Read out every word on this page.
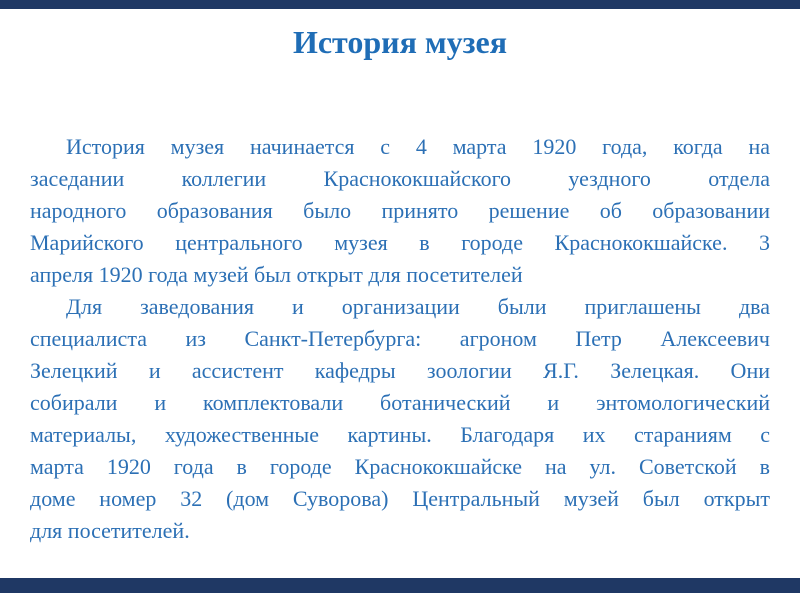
История музея
История музея начинается с 4 марта 1920 года, когда на
заседании коллегии Краснококшайского уездного отдела
народного образования было принято решение об образовании
Марийского центрального музея в городе Краснококшайске. 3
апреля 1920 года музей был открыт для посетителей
Для заведования и организации были приглашены два
специалиста из Санкт-Петербурга: агроном Петр Алексеевич
Зелецкий и ассистент кафедры зоологии Я.Г. Зелецкая. Они
собирали и комплектовали ботанический и энтомологический
материалы, художественные картины. Благодаря их стараниям с
марта 1920 года в городе Краснококшайске на ул. Советской в
доме номер 32 (дом Суворова) Центральный музей был открыт
для посетителей.
